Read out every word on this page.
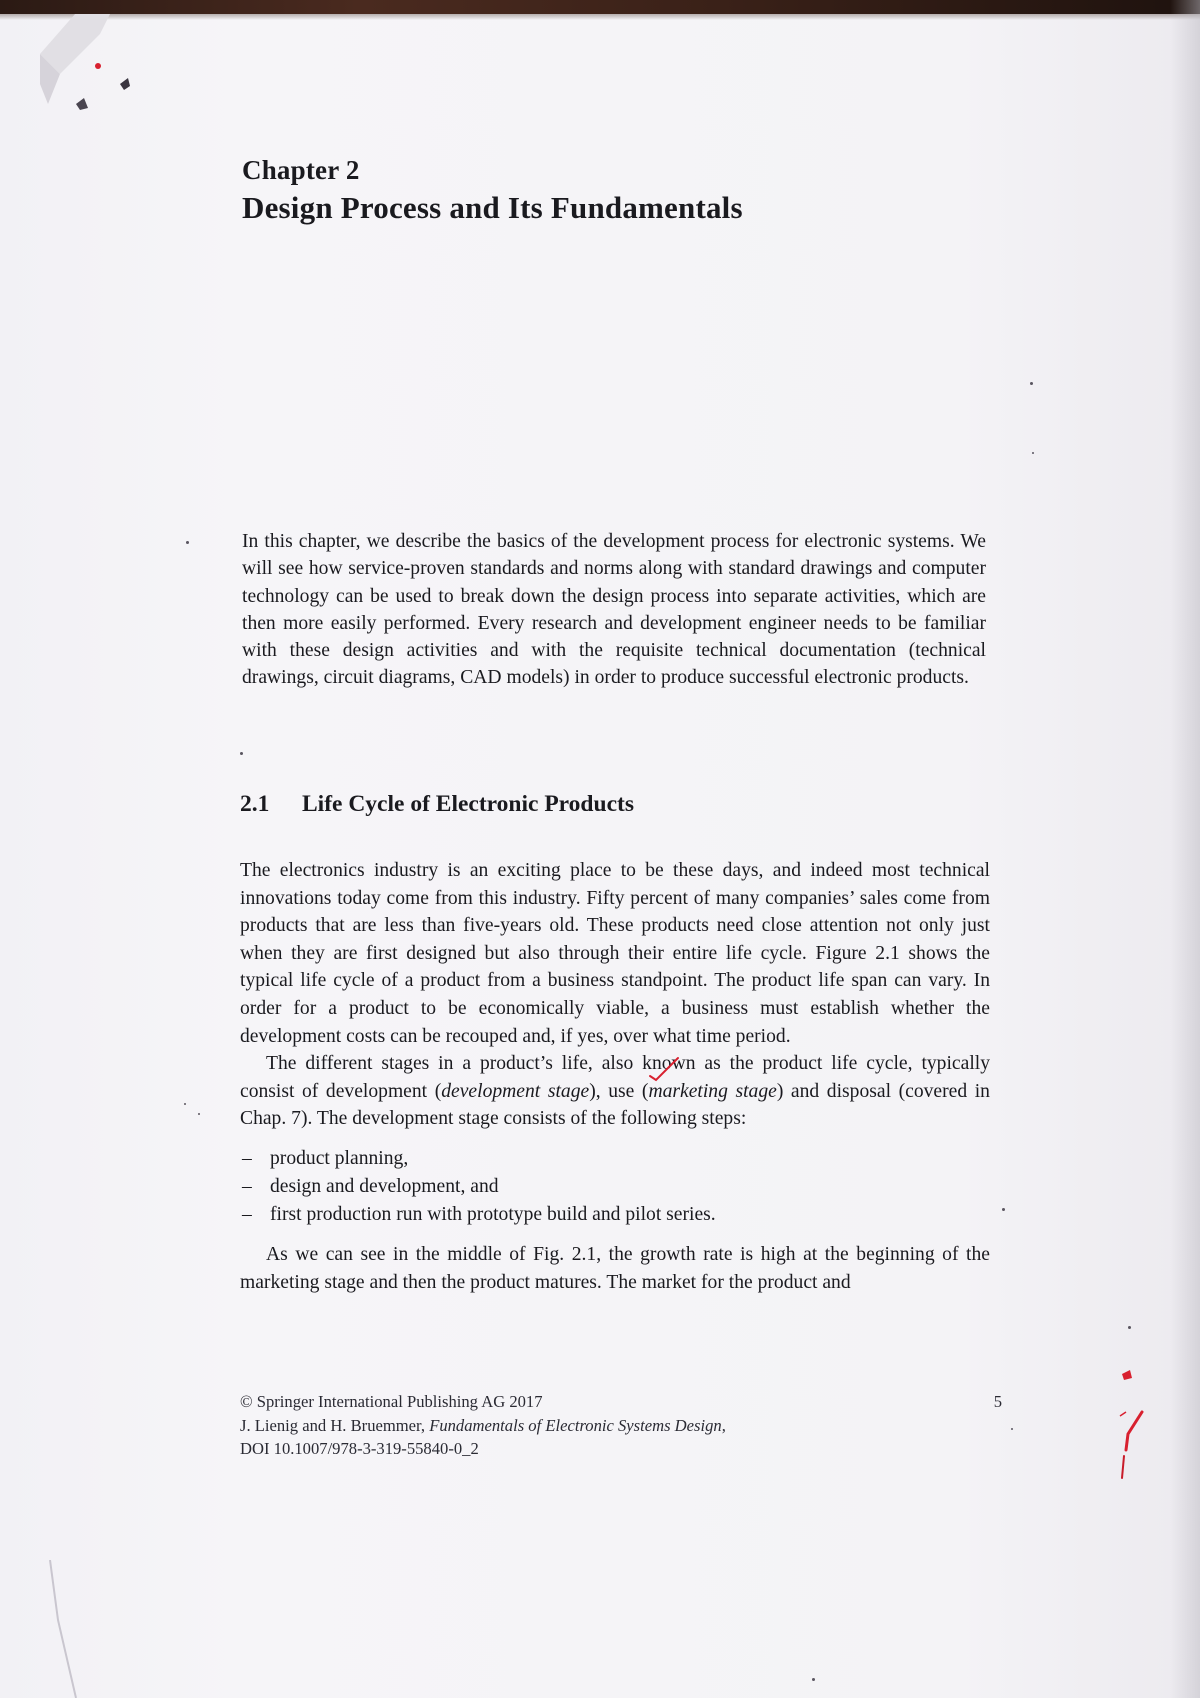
Chapter 2
Design Process and Its Fundamentals

In this chapter, we describe the basics of the development process for electronic systems. We will see how service-proven standards and norms along with standard drawings and computer technology can be used to break down the design process into separate activities, which are then more easily performed. Every research and development engineer needs to be familiar with these design activities and with the requisite technical documentation (technical drawings, circuit diagrams, CAD models) in order to produce successful electronic products.

2.1 Life Cycle of Electronic Products

The electronics industry is an exciting place to be these days, and indeed most technical innovations today come from this industry. Fifty percent of many companies’ sales come from products that are less than five-years old. These products need close attention not only just when they are first designed but also through their entire life cycle. Figure 2.1 shows the typical life cycle of a product from a business standpoint. The product life span can vary. In order for a product to be economically viable, a business must establish whether the development costs can be recouped and, if yes, over what time period.

The different stages in a product’s life, also known as the product life cycle, typically consist of development (development stage), use (marketing stage) and disposal (covered in Chap. 7). The development stage consists of the following steps:

– product planning,
– design and development, and
– first production run with prototype build and pilot series.

As we can see in the middle of Fig. 2.1, the growth rate is high at the beginning of the marketing stage and then the product matures. The market for the product and

© Springer International Publishing AG 2017
J. Lienig and H. Bruemmer, Fundamentals of Electronic Systems Design,
DOI 10.1007/978-3-319-55840-0_2
5
